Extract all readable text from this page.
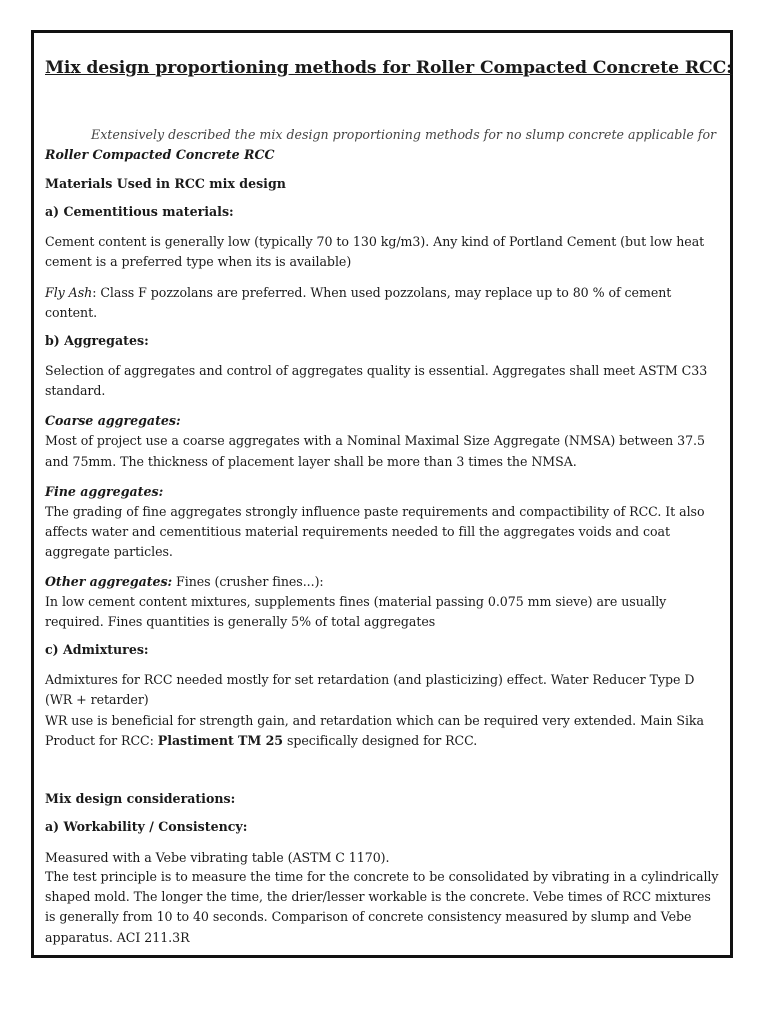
Mix design proportioning methods for Roller Compacted Concrete RCC:
Extensively described the mix design proportioning methods for no slump concrete applicable for
Roller Compacted Concrete RCC
Materials Used in RCC mix design
a) Cementitious materials:
Cement content is generally low (typically 70 to 130 kg/m3). Any kind of Portland Cement (but low heat
cement is a preferred type when its is available)
Fly Ash: Class F pozzolans are preferred. When used pozzolans, may replace up to 80 % of cement
content.
b) Aggregates:
Selection of aggregates and control of aggregates quality is essential. Aggregates shall meet ASTM C33
standard.
Coarse aggregates:
Most of project use a coarse aggregates with a Nominal Maximal Size Aggregate (NMSA) between 37.5
and 75mm. The thickness of placement layer shall be more than 3 times the NMSA.
Fine aggregates:
The grading of fine aggregates strongly influence paste requirements and compactibility of RCC. It also
affects water and cementitious material requirements needed to fill the aggregates voids and coat
aggregate particles.
Other aggregates: Fines (crusher fines...):
In low cement content mixtures, supplements fines (material passing 0.075 mm sieve) are usually
required. Fines quantities is generally 5% of total aggregates
c) Admixtures:
Admixtures for RCC needed mostly for set retardation (and plasticizing) effect. Water Reducer Type D
(WR + retarder)
WR use is beneficial for strength gain, and retardation which can be required very extended. Main Sika
Product for RCC: Plastiment TM 25 specifically designed for RCC.
Mix design considerations:
a) Workability / Consistency:
Measured with a Vebe vibrating table (ASTM C 1170).
The test principle is to measure the time for the concrete to be consolidated by vibrating in a cylindrically
shaped mold. The longer the time, the drier/lesser workable is the concrete. Vebe times of RCC mixtures
is generally from 10 to 40 seconds. Comparison of concrete consistency measured by slump and Vebe
apparatus. ACI 211.3R
